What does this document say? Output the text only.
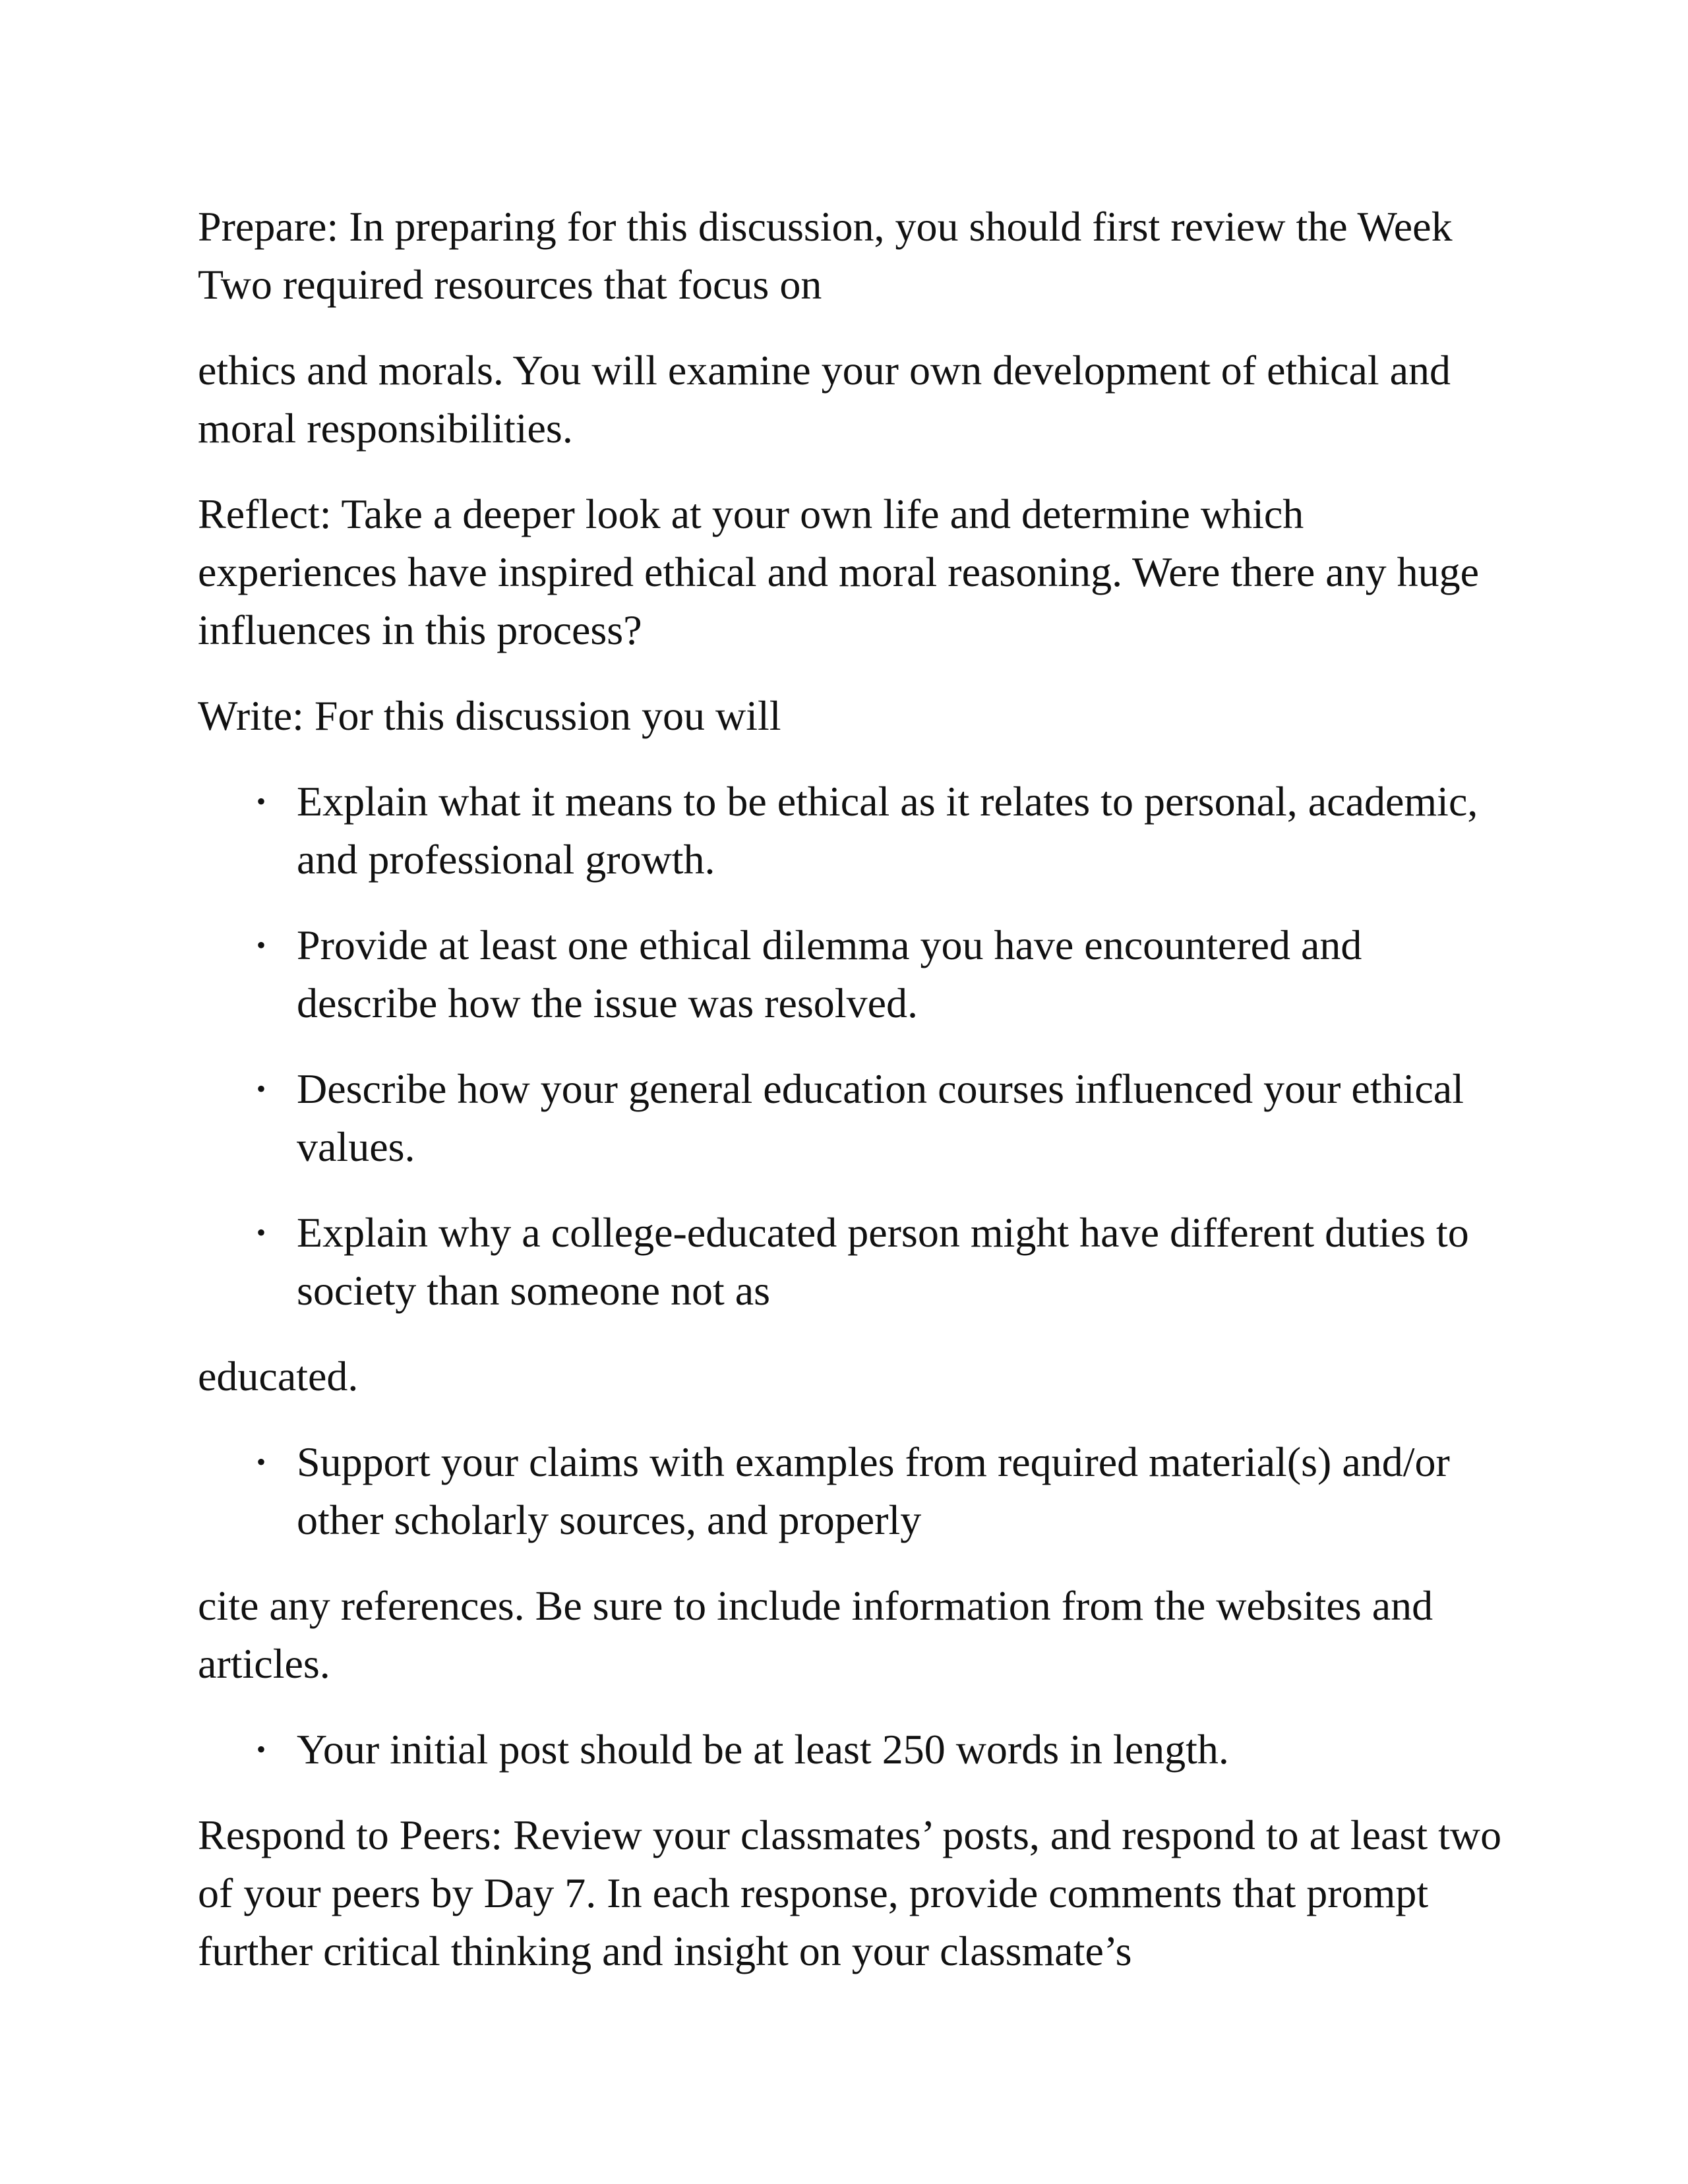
Prepare: In preparing for this discussion, you should first review the Week Two required resources that focus on

ethics and morals. You will examine your own development of ethical and moral responsibilities.

Reflect: Take a deeper look at your own life and determine which experiences have inspired ethical and moral reasoning. Were there any huge influences in this process?

Write: For this discussion you will

• Explain what it means to be ethical as it relates to personal, academic, and professional growth.
• Provide at least one ethical dilemma you have encountered and describe how the issue was resolved.
• Describe how your general education courses influenced your ethical values.
• Explain why a college-educated person might have different duties to society than someone not as

educated.

• Support your claims with examples from required material(s) and/or other scholarly sources, and properly

cite any references. Be sure to include information from the websites and articles.

• Your initial post should be at least 250 words in length.

Respond to Peers: Review your classmates’ posts, and respond to at least two of your peers by Day 7. In each response, provide comments that prompt further critical thinking and insight on your classmate’s
